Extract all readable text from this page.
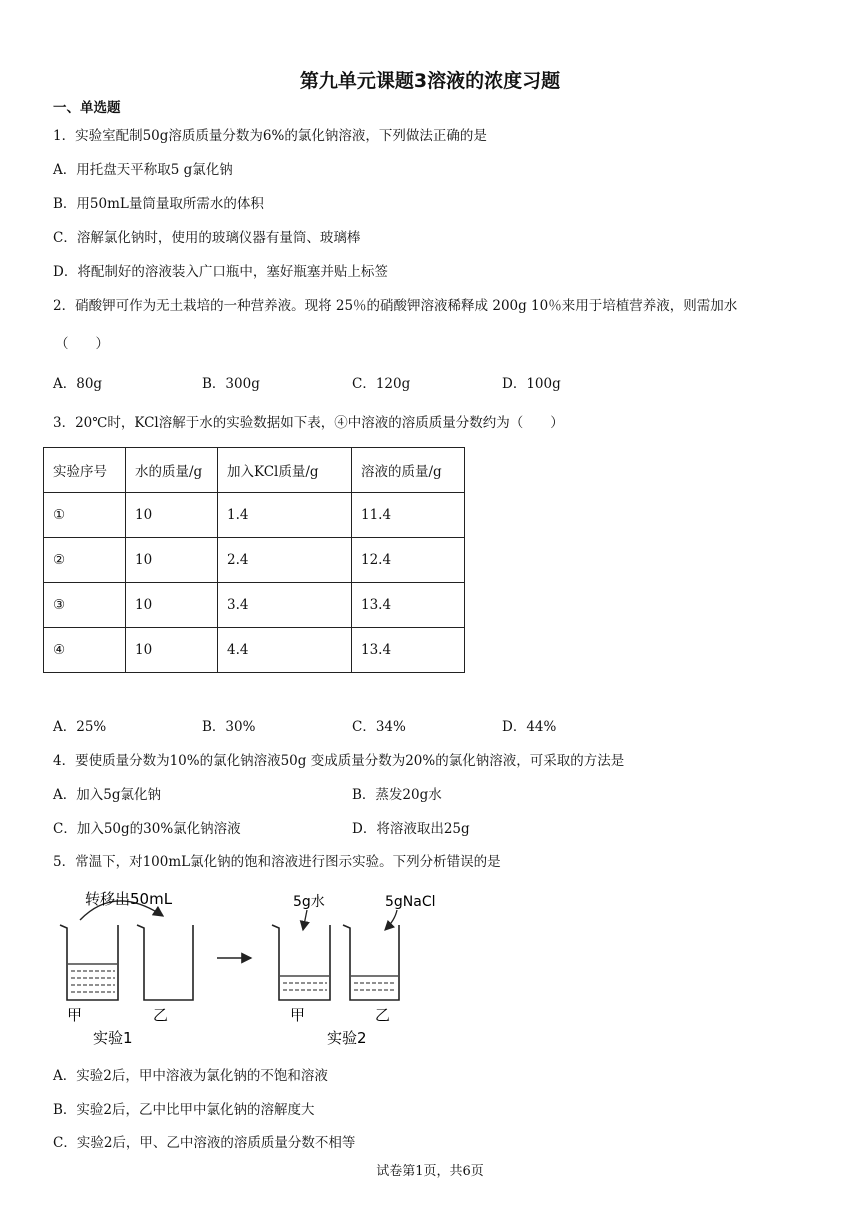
第九单元课题3溶液的浓度习题
一、单选题
1．实验室配制50g溶质质量分数为6%的氯化钠溶液，下列做法正确的是
A．用托盘天平称取5 g氯化钠
B．用50mL量筒量取所需水的体积
C．溶解氯化钠时，使用的玻璃仪器有量筒、玻璃棒
D．将配制好的溶液装入广口瓶中，塞好瓶塞并贴上标签
2．硝酸钾可作为无土栽培的一种营养液。现将 25％的硝酸钾溶液稀释成 200g 10％来用于培植营养液，则需加水
（　　）
A．80g	B．300g	C．120g	D．100g
3．20℃时，KCl溶解于水的实验数据如下表，④中溶液的溶质质量分数约为（　　）
实验序号	水的质量/g	加入KCl质量/g	溶液的质量/g
①	10	1.4	11.4
②	10	2.4	12.4
③	10	3.4	13.4
④	10	4.4	13.4
A．25%	B．30%	C．34%	D．44%
4．要使质量分数为10%的氯化钠溶液50g 变成质量分数为20%的氯化钠溶液，可采取的方法是
A．加入5g氯化钠	B．蒸发20g水
C．加入50g的30%氯化钠溶液	D．将溶液取出25g
5．常温下，对100mL氯化钠的饱和溶液进行图示实验。下列分析错误的是
转移出50mL
甲	乙
实验1
5g水	5gNaCl
甲	乙
实验2
A．实验2后，甲中溶液为氯化钠的不饱和溶液
B．实验2后，乙中比甲中氯化钠的溶解度大
C．实验2后，甲、乙中溶液的溶质质量分数不相等
试卷第1页，共6页
